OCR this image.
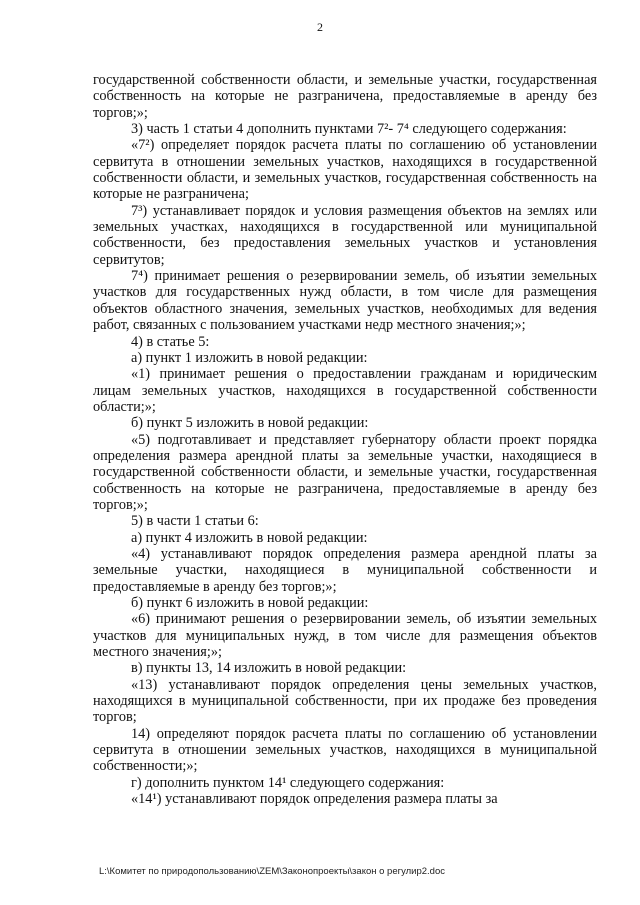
2

государственной собственности области, и земельные участки, государственная собственность на которые не разграничена, предоставляемые в аренду без торгов;»;

3) часть 1 статьи 4 дополнить пунктами 7²- 7⁴ следующего содержания:

«7²) определяет порядок расчета платы по соглашению об установлении сервитута в отношении земельных участков, находящихся в государственной собственности области, и земельных участков, государственная собственность на которые не разграничена;

7³) устанавливает порядок и условия размещения объектов на землях или земельных участках, находящихся в государственной или муниципальной собственности, без предоставления земельных участков и установления сервитутов;

7⁴) принимает решения о резервировании земель, об изъятии земельных участков для государственных нужд области, в том числе для размещения объектов областного значения, земельных участков, необходимых для ведения работ, связанных с пользованием участками недр местного значения;»;

4) в статье 5:

а) пункт 1 изложить в новой редакции:

«1) принимает решения о предоставлении гражданам и юридическим лицам земельных участков, находящихся в государственной собственности области;»;

б) пункт 5 изложить в новой редакции:

«5) подготавливает и представляет губернатору области проект порядка определения размера арендной платы за земельные участки, находящиеся в государственной собственности области, и земельные участки, государственная собственность на которые не разграничена, предоставляемые в аренду без торгов;»;

5) в части 1 статьи 6:

а) пункт 4 изложить в новой редакции:

«4) устанавливают порядок определения размера арендной платы за земельные участки, находящиеся в муниципальной собственности и предоставляемые в аренду без торгов;»;

б) пункт 6 изложить в новой редакции:

«6) принимают решения о резервировании земель, об изъятии земельных участков для муниципальных нужд, в том числе для размещения объектов местного значения;»;

в) пункты 13, 14 изложить в новой редакции:

«13) устанавливают порядок определения цены земельных участков, находящихся в муниципальной собственности, при их продаже без проведения торгов;

14) определяют порядок расчета платы по соглашению об установлении сервитута в отношении земельных участков, находящихся в муниципальной собственности;»;

г) дополнить пунктом 14¹ следующего содержания:

«14¹) устанавливают порядок определения размера платы за

L:\Комитет по природопользованию\ZEM\Законопроекты\закон о регулир2.doc
